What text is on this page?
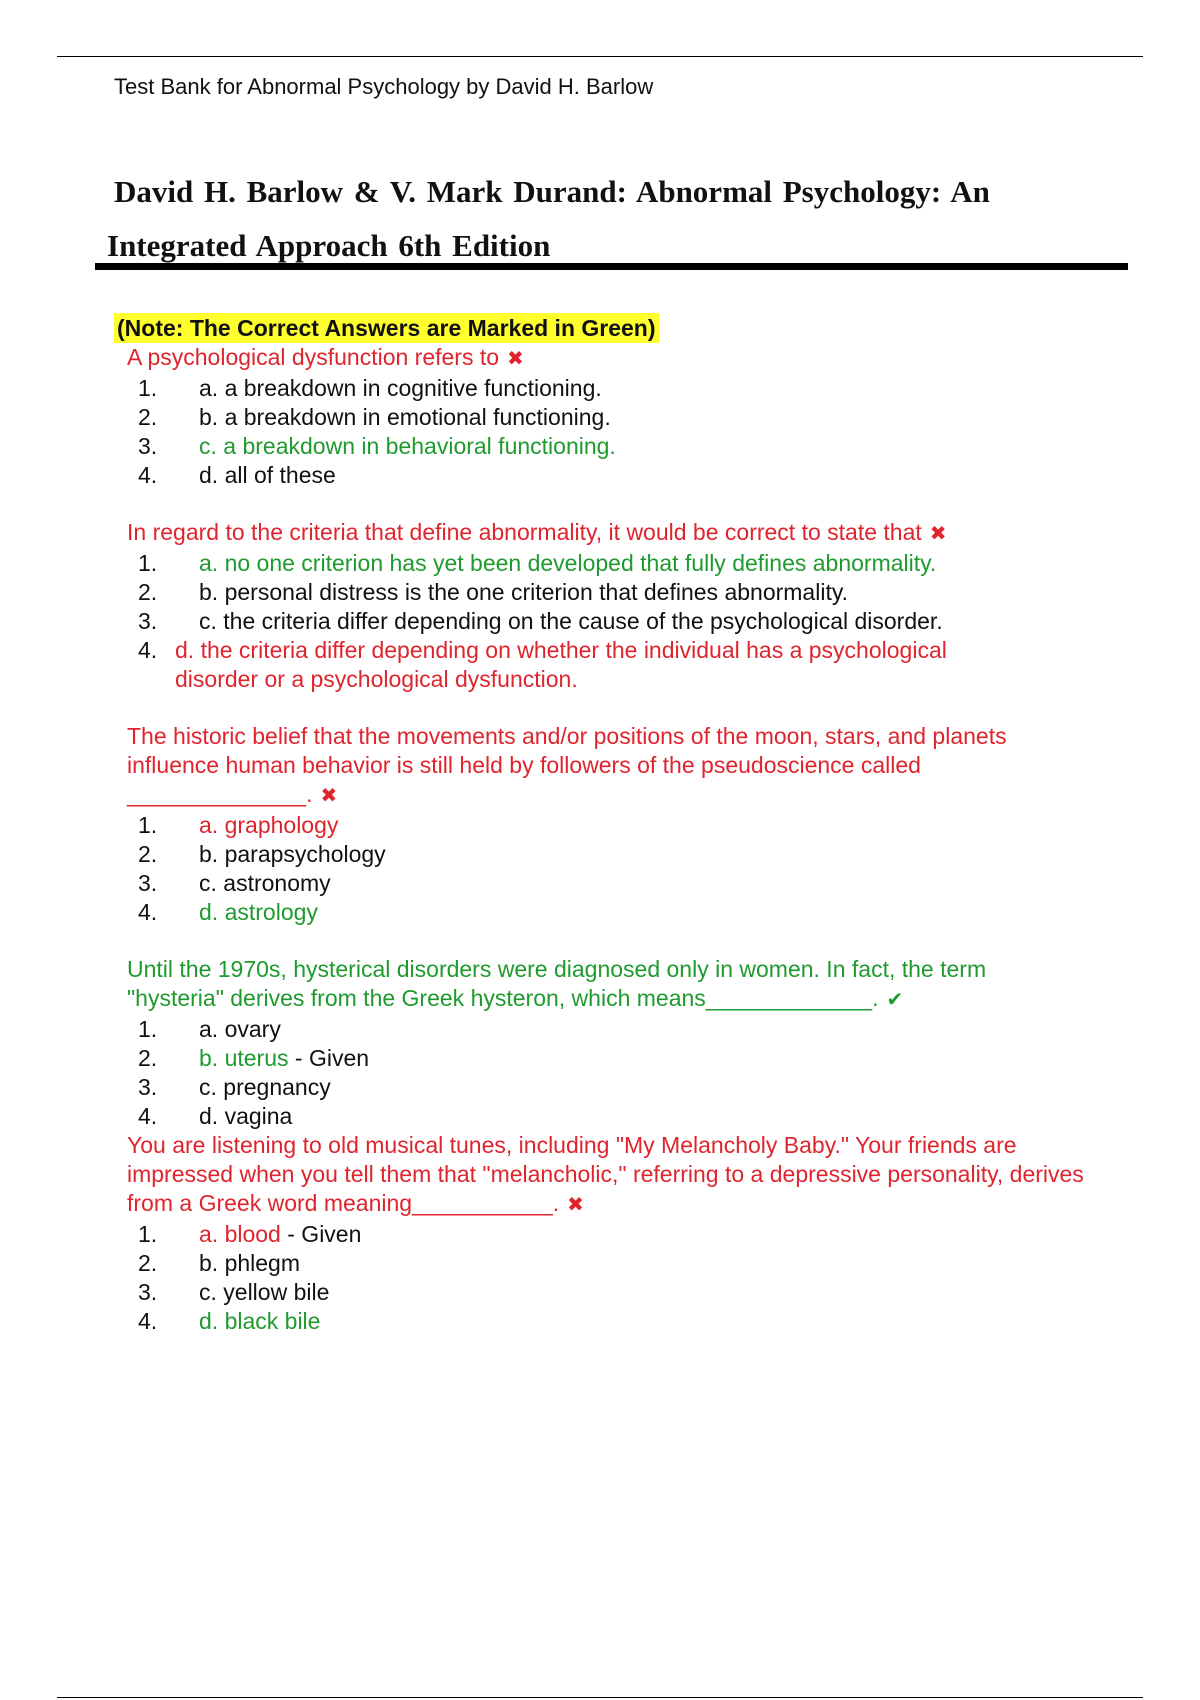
Test Bank for Abnormal Psychology by David H. Barlow
David H. Barlow & V. Mark Durand: Abnormal Psychology: An
Integrated Approach 6th Edition
(Note: The Correct Answers are Marked in Green)
A psychological dysfunction refers to ✖
1. a. a breakdown in cognitive functioning.
2. b. a breakdown in emotional functioning.
3. c. a breakdown in behavioral functioning.
4. d. all of these
In regard to the criteria that define abnormality, it would be correct to state that ✖
1. a. no one criterion has yet been developed that fully defines abnormality.
2. b. personal distress is the one criterion that defines abnormality.
3. c. the criteria differ depending on the cause of the psychological disorder.
4. d. the criteria differ depending on whether the individual has a psychological disorder or a psychological dysfunction.
The historic belief that the movements and/or positions of the moon, stars, and planets influence human behavior is still held by followers of the pseudoscience called ______________. ✖
1. a. graphology
2. b. parapsychology
3. c. astronomy
4. d. astrology
Until the 1970s, hysterical disorders were diagnosed only in women. In fact, the term "hysteria" derives from the Greek hysteron, which means_____________. ✔
1. a. ovary
2. b. uterus - Given
3. c. pregnancy
4. d. vagina
You are listening to old musical tunes, including "My Melancholy Baby." Your friends are impressed when you tell them that "melancholic," referring to a depressive personality, derives from a Greek word meaning___________. ✖
1. a. blood - Given
2. b. phlegm
3. c. yellow bile
4. d. black bile
